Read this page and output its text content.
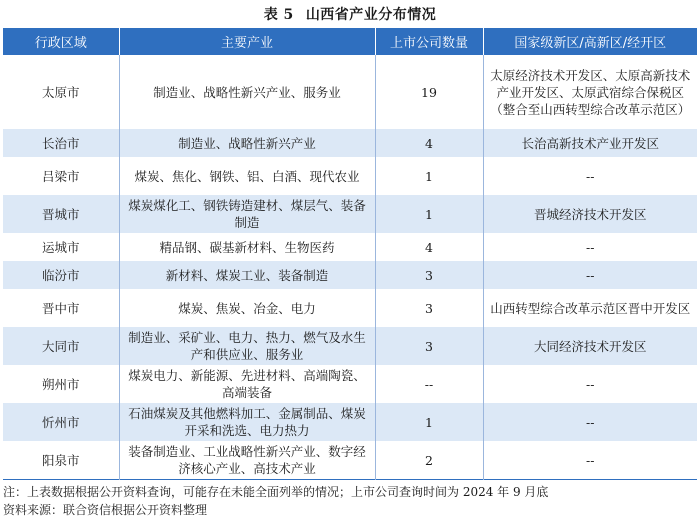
表 5 山西省产业分布情况
行政区域	主要产业	上市公司数量	国家级新区/高新区/经开区
太原市	制造业、战略性新兴产业、服务业	19	太原经济技术开发区、太原高新技术产业开发区、太原武宿综合保税区（整合至山西转型综合改革示范区）
长治市	制造业、战略性新兴产业	4	长治高新技术产业开发区
吕梁市	煤炭、焦化、钢铁、铝、白酒、现代农业	1	--
晋城市	煤炭煤化工、钢铁铸造建材、煤层气、装备制造	1	晋城经济技术开发区
运城市	精品钢、碳基新材料、生物医药	4	--
临汾市	新材料、煤炭工业、装备制造	3	--
晋中市	煤炭、焦炭、冶金、电力	3	山西转型综合改革示范区晋中开发区
大同市	制造业、采矿业、电力、热力、燃气及水生产和供应业、服务业	3	大同经济技术开发区
朔州市	煤炭电力、新能源、先进材料、高端陶瓷、高端装备	--	--
忻州市	石油煤炭及其他燃料加工、金属制品、煤炭开采和洗选、电力热力	1	--
阳泉市	装备制造业、工业战略性新兴产业、数字经济核心产业、高技术产业	2	--
注：上表数据根据公开资料查询，可能存在未能全面列举的情况；上市公司查询时间为 2024 年 9 月底
资料来源：联合资信根据公开资料整理
